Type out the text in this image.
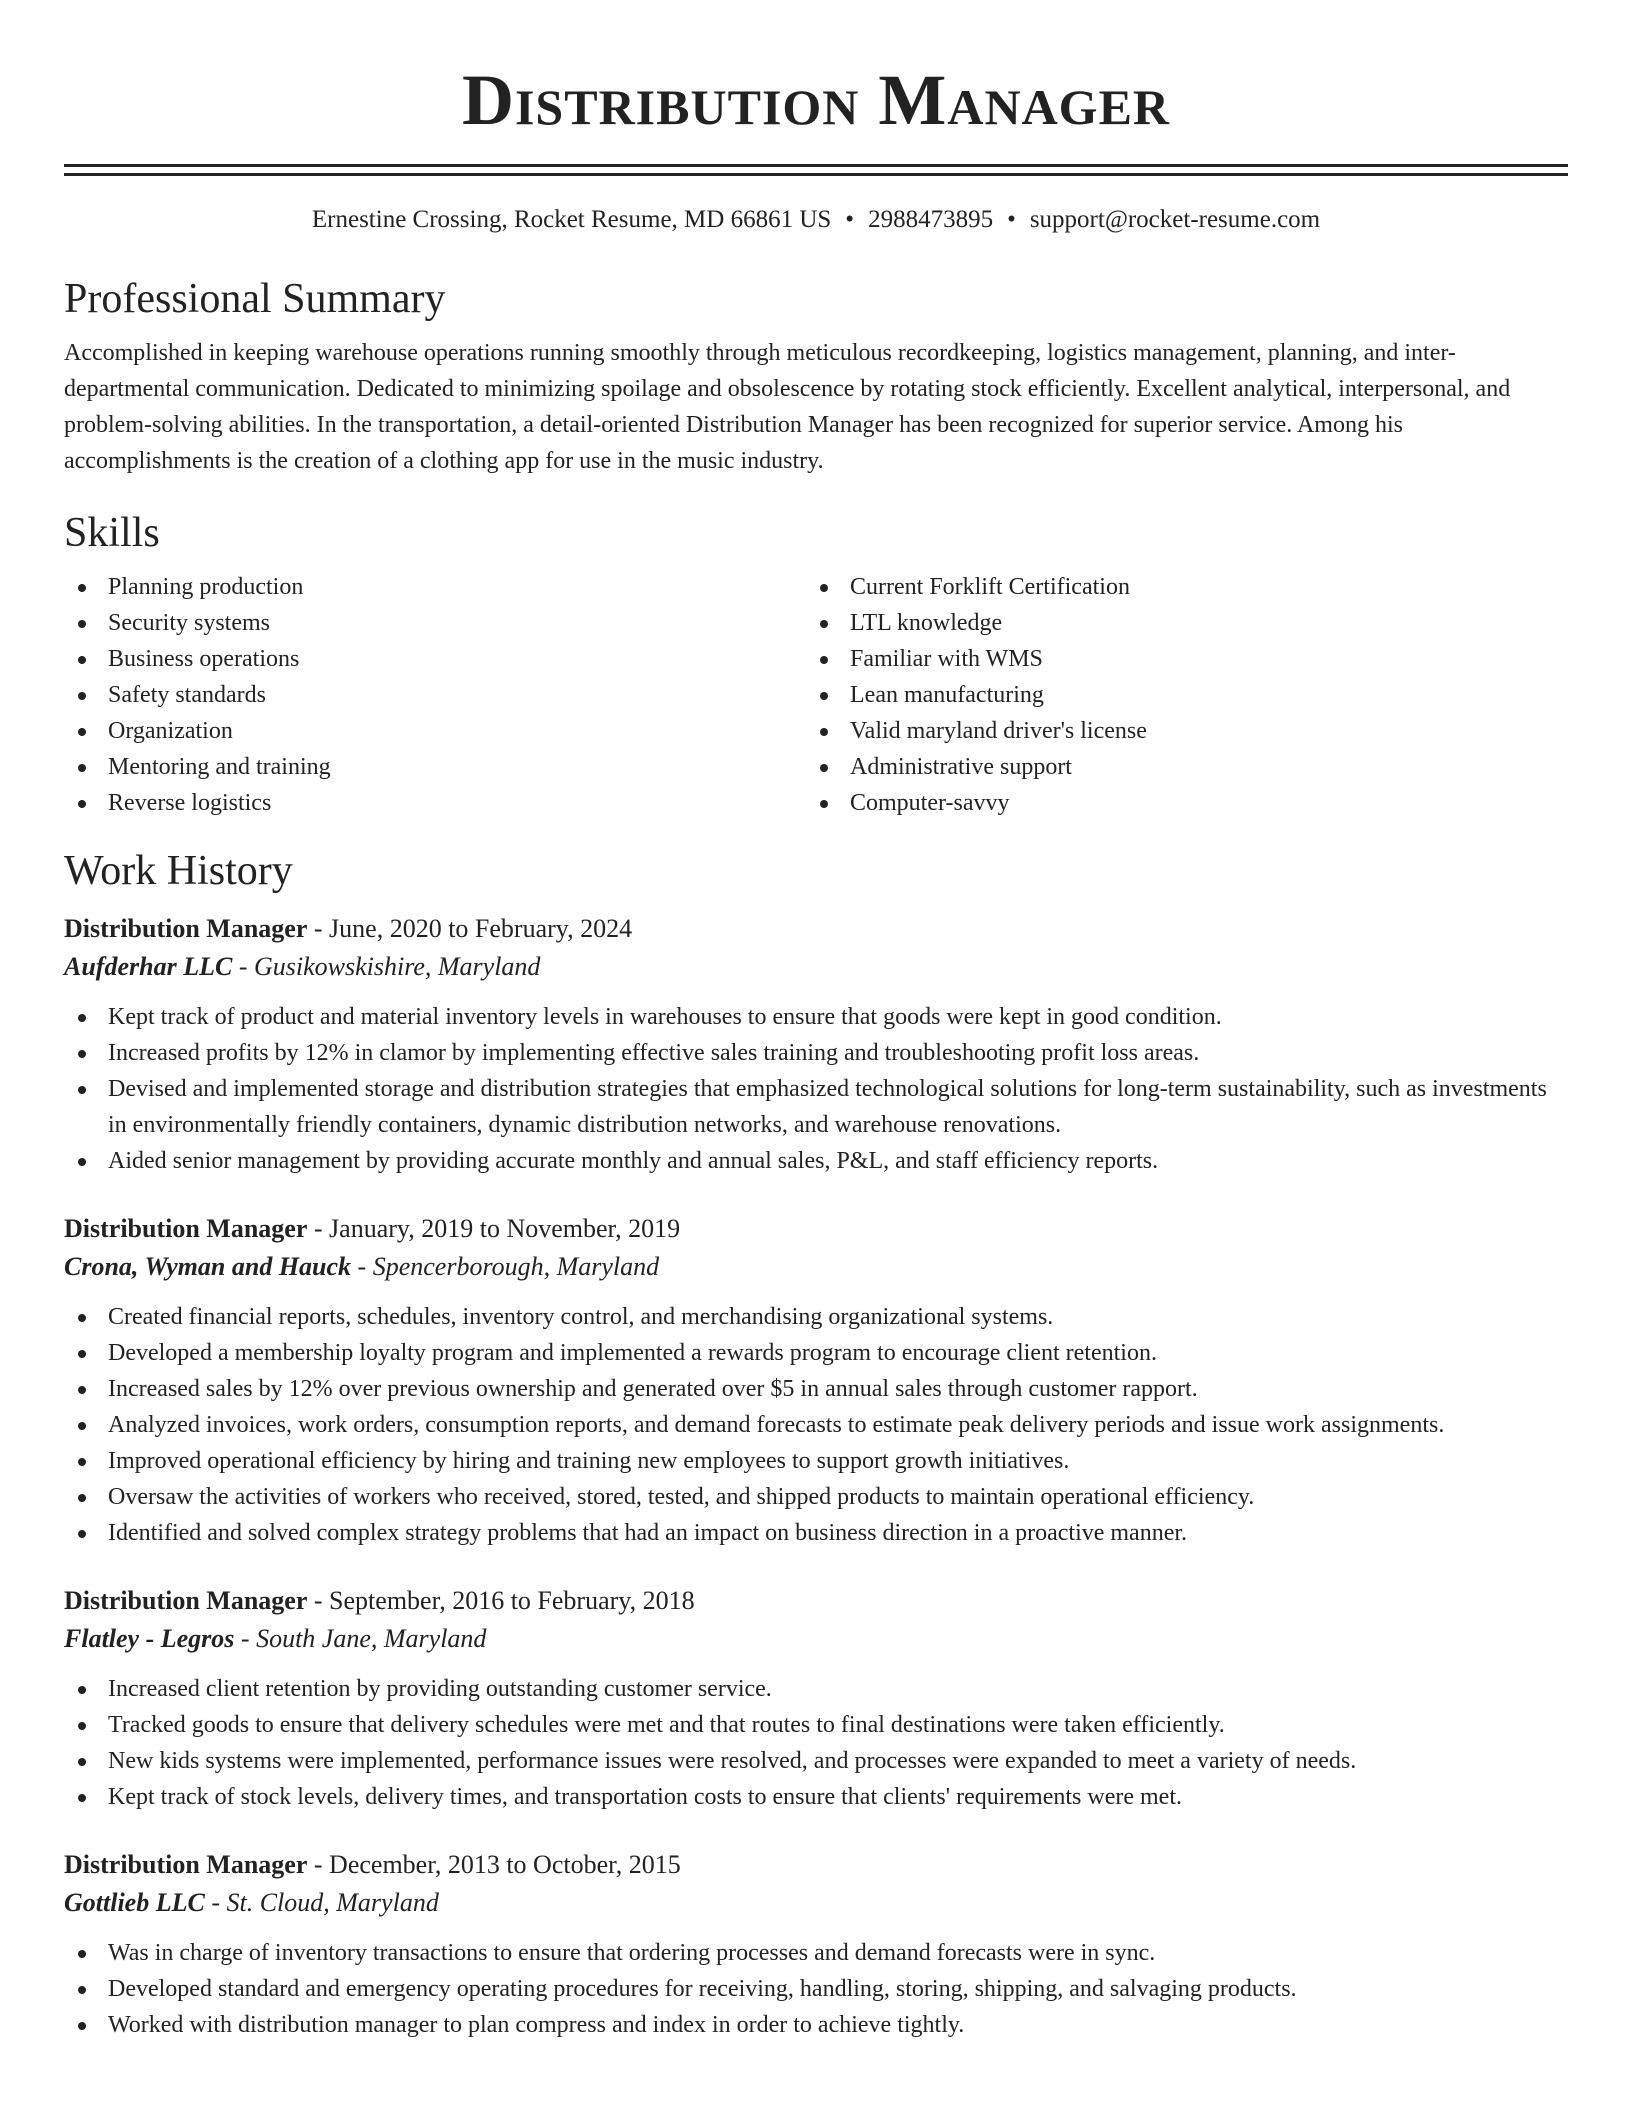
Distribution Manager
Ernestine Crossing, Rocket Resume, MD 66861 US • 2988473895 • support@rocket-resume.com
Professional Summary

Accomplished in keeping warehouse operations running smoothly through meticulous recordkeeping, logistics management, planning, and inter-departmental communication. Dedicated to minimizing spoilage and obsolescence by rotating stock efficiently. Excellent analytical, interpersonal, and problem-solving abilities. In the transportation, a detail-oriented Distribution Manager has been recognized for superior service. Among his accomplishments is the creation of a clothing app for use in the music industry.

Skills
Planning production
Security systems
Business operations
Safety standards
Organization
Mentoring and training
Reverse logistics
Current Forklift Certification
LTL knowledge
Familiar with WMS
Lean manufacturing
Valid maryland driver's license
Administrative support
Computer-savvy
Work History
Distribution Manager - June, 2020 to February, 2024
Aufderhar LLC - Gusikowskishire, Maryland
Kept track of product and material inventory levels in warehouses to ensure that goods were kept in good condition.
Increased profits by 12% in clamor by implementing effective sales training and troubleshooting profit loss areas.
Devised and implemented storage and distribution strategies that emphasized technological solutions for long-term sustainability, such as investments in environmentally friendly containers, dynamic distribution networks, and warehouse renovations.
Aided senior management by providing accurate monthly and annual sales, P&L, and staff efficiency reports.
Distribution Manager - January, 2019 to November, 2019
Crona, Wyman and Hauck - Spencerborough, Maryland
Created financial reports, schedules, inventory control, and merchandising organizational systems.
Developed a membership loyalty program and implemented a rewards program to encourage client retention.
Increased sales by 12% over previous ownership and generated over $5 in annual sales through customer rapport.
Analyzed invoices, work orders, consumption reports, and demand forecasts to estimate peak delivery periods and issue work assignments.
Improved operational efficiency by hiring and training new employees to support growth initiatives.
Oversaw the activities of workers who received, stored, tested, and shipped products to maintain operational efficiency.
Identified and solved complex strategy problems that had an impact on business direction in a proactive manner.
Distribution Manager - September, 2016 to February, 2018
Flatley - Legros - South Jane, Maryland
Increased client retention by providing outstanding customer service.
Tracked goods to ensure that delivery schedules were met and that routes to final destinations were taken efficiently.
New kids systems were implemented, performance issues were resolved, and processes were expanded to meet a variety of needs.
Kept track of stock levels, delivery times, and transportation costs to ensure that clients' requirements were met.
Distribution Manager - December, 2013 to October, 2015
Gottlieb LLC - St. Cloud, Maryland
Was in charge of inventory transactions to ensure that ordering processes and demand forecasts were in sync.
Developed standard and emergency operating procedures for receiving, handling, storing, shipping, and salvaging products.
Worked with distribution manager to plan compress and index in order to achieve tightly.
